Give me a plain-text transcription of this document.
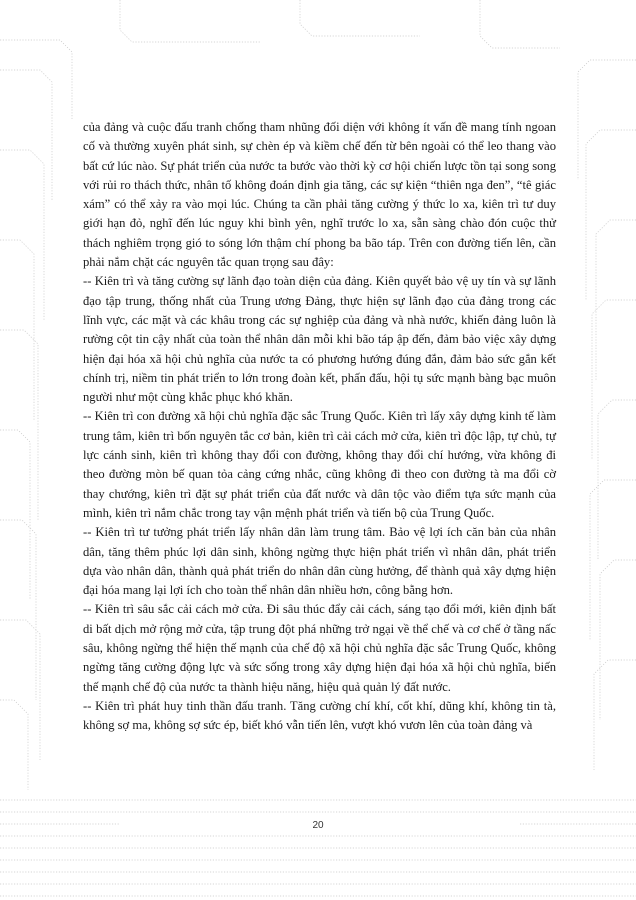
của đảng và cuộc đấu tranh chống tham nhũng đối diện với không ít vấn đề mang tính ngoan cố và thường xuyên phát sinh, sự chèn ép và kiềm chế đến từ bên ngoài có thể leo thang vào bất cứ lúc nào. Sự phát triển của nước ta bước vào thời kỳ cơ hội chiến lược tồn tại song song với rủi ro thách thức, nhân tố không đoán định gia tăng, các sự kiện “thiên nga đen”, “tê giác xám” có thể xảy ra vào mọi lúc. Chúng ta cần phải tăng cường ý thức lo xa, kiên trì tư duy giới hạn đỏ, nghĩ đến lúc nguy khi bình yên, nghĩ trước lo xa, sẵn sàng chào đón cuộc thử thách nghiêm trọng gió to sóng lớn thậm chí phong ba bão táp. Trên con đường tiến lên, cần phải nắm chặt các nguyên tắc quan trọng sau đây:

-- Kiên trì và tăng cường sự lãnh đạo toàn diện của đảng. Kiên quyết bảo vệ uy tín và sự lãnh đạo tập trung, thống nhất của Trung ương Đảng, thực hiện sự lãnh đạo của đảng trong các lĩnh vực, các mặt và các khâu trong các sự nghiệp của đảng và nhà nước, khiến đảng luôn là rường cột tin cậy nhất của toàn thể nhân dân mỗi khi bão táp ập đến, đảm bảo việc xây dựng hiện đại hóa xã hội chủ nghĩa của nước ta có phương hướng đúng đắn, đảm bảo sức gắn kết chính trị, niềm tin phát triển to lớn trong đoàn kết, phấn đấu, hội tụ sức mạnh bàng bạc muôn người như một cùng khắc phục khó khăn.

-- Kiên trì con đường xã hội chủ nghĩa đặc sắc Trung Quốc. Kiên trì lấy xây dựng kinh tế làm trung tâm, kiên trì bốn nguyên tắc cơ bản, kiên trì cải cách mở cửa, kiên trì độc lập, tự chủ, tự lực cánh sinh, kiên trì không thay đổi con đường, không thay đổi chí hướng, vừa không đi theo đường mòn bế quan tỏa cảng cứng nhắc, cũng không đi theo con đường tà ma đổi cờ thay chướng, kiên trì đặt sự phát triển của đất nước và dân tộc vào điểm tựa sức mạnh của mình, kiên trì nắm chắc trong tay vận mệnh phát triển và tiến bộ của Trung Quốc.

-- Kiên trì tư tưởng phát triển lấy nhân dân làm trung tâm. Bảo vệ lợi ích căn bản của nhân dân, tăng thêm phúc lợi dân sinh, không ngừng thực hiện phát triển vì nhân dân, phát triển dựa vào nhân dân, thành quả phát triển do nhân dân cùng hưởng, để thành quả xây dựng hiện đại hóa mang lại lợi ích cho toàn thể nhân dân nhiều hơn, công bằng hơn.

-- Kiên trì sâu sắc cải cách mở cửa. Đi sâu thúc đẩy cải cách, sáng tạo đổi mới, kiên định bất di bất dịch mở rộng mở cửa, tập trung đột phá những trở ngại về thể chế và cơ chế ở tầng nấc sâu, không ngừng thể hiện thế mạnh của chế độ xã hội chủ nghĩa đặc sắc Trung Quốc, không ngừng tăng cường động lực và sức sống trong xây dựng hiện đại hóa xã hội chủ nghĩa, biến thế mạnh chế độ của nước ta thành hiệu năng, hiệu quả quản lý đất nước.

-- Kiên trì phát huy tinh thần đấu tranh. Tăng cường chí khí, cốt khí, dũng khí, không tin tà, không sợ ma, không sợ sức ép, biết khó vẫn tiến lên, vượt khó vươn lên của toàn đảng và

20
